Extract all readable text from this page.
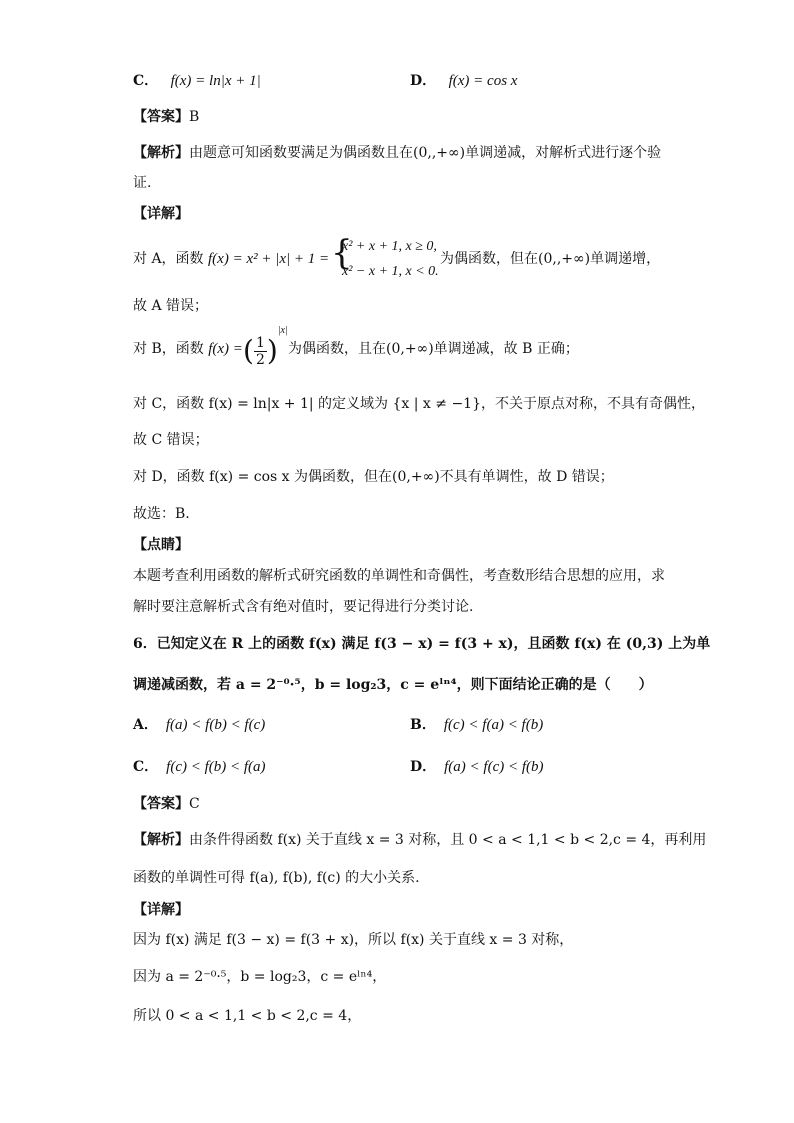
C． f(x) = ln|x + 1|	D． f(x) = cos x
【答案】B
【解析】由题意可知函数要满足为偶函数且在(0,,+∞)单调递减，对解析式进行逐个验
证.
【详解】
对 A，函数 f(x) = x² + |x| + 1 = {
x² + x + 1, x ≥ 0,
x² − x + 1, x < 0.
为偶函数，但在(0,,+∞)单调递增，
故 A 错误；
对 B，函数 f(x) = ( $\frac{1}{2} )^{|x|}$
为偶函数，且在(0,+∞)单调递减，故 B 正确；
对 C，函数 f(x) = ln|x + 1| 的定义域为 {x | x ≠ −1}，不关于原点对称，不具有奇偶性，
故 C 错误；
对 D，函数 f(x) = cos x 为偶函数，但在(0,+∞)不具有单调性，故 D 错误；
故选：B.
【点睛】
本题考查利用函数的解析式研究函数的单调性和奇偶性，考查数形结合思想的应用，求
解时要注意解析式含有绝对值时，要记得进行分类讨论.
6．已知定义在 R 上的函数 f(x) 满足 f(3 − x) = f(3 + x)，且函数 f(x) 在 (0,3) 上为单
调递减函数，若 a = 2⁻⁰·⁵，b = log₂3，c = eˡⁿ⁴，则下面结论正确的是（　　）
A． f(a) < f(b) < f(c)	B． f(c) < f(a) < f(b)
C． f(c) < f(b) < f(a)	D． f(a) < f(c) < f(b)
【答案】C
【解析】由条件得函数 f(x) 关于直线 x = 3 对称，且 0 < a < 1,1 < b < 2,c = 4，再利用
函数的单调性可得 f(a), f(b), f(c) 的大小关系.
【详解】
因为 f(x) 满足 f(3 − x) = f(3 + x)，所以 f(x) 关于直线 x = 3 对称，
因为 a = 2⁻⁰·⁵，b = log₂3，c = eˡⁿ⁴，
所以 0 < a < 1,1 < b < 2,c = 4，
